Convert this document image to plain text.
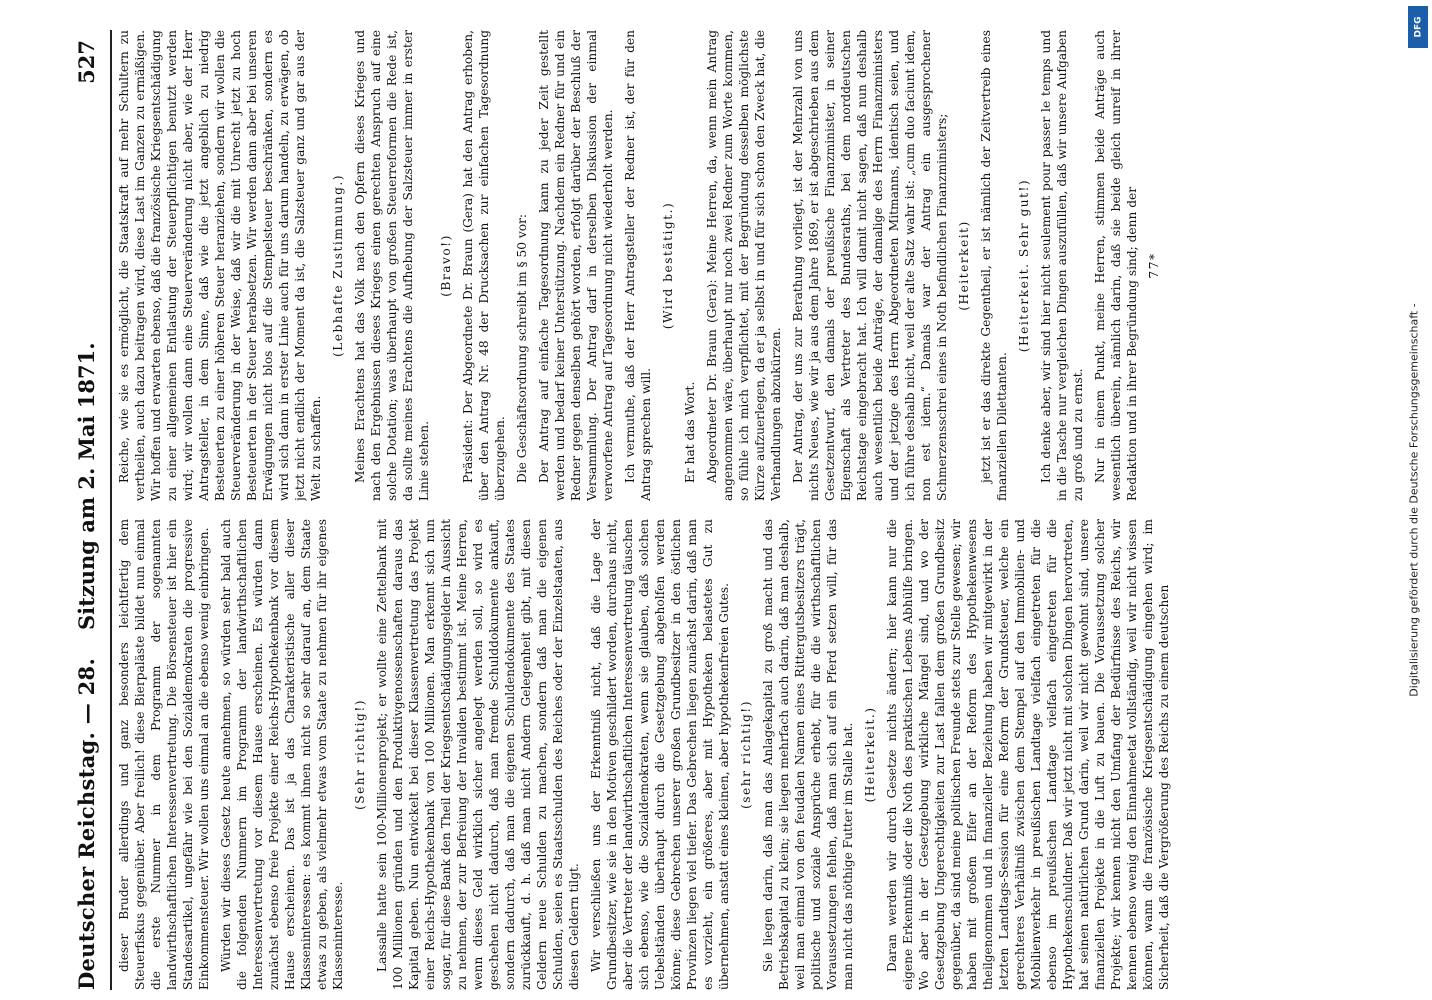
Deutscher Reichstag. — 28.
Sitzung am 2. Mai 1871.
527

dieser Bruder allerdings und ganz besonders leichtfertig dem Steuerfiskus gegenüber. Aber freilich! diese Bierpaläste bildet nun einmal die erste Nummer in dem Programm der sogenannten landwirthschaftlichen Interessenvertretung. Die Börsensteuer ist hier ein Standesartikel, ungefähr wie bei den Sozialdemokraten die progressive Einkommensteuer. Wir wollen uns einmal an die ebenso wenig einbringen. Würden wir dieses Gesetz heute annehmen, so würden sehr bald auch die folgenden Nummern im Programm der landwirthschaftlichen Interessenvertretung vor diesem Hause erscheinen. Es würden dann zunächst ebenso freie Projekte einer Reichs-Hypothekenbank vor diesem Hause erscheinen. Das ist ja das Charakteristische aller dieser Klasseninteressen: es kommt ihnen nicht so sehr darauf an, dem Staate etwas zu geben, als vielmehr etwas vom Staate zu nehmen für ihr eigenes Klasseninteresse.

(Sehr richtig!) Lassalle hatte sein 100-Millionenprojekt; er wollte eine Zettelbank mit 100 Millionen gründen und den Produktivgenossenschaften daraus das Kapital geben. Nun entwickelt bei dieser Klassenvertretung das Projekt einer Reichs-Hypothekenbank von 100 Millionen. Man erkennt sich nun sogar, für diese Bank den Theil der Kriegsentschädigungsgelder in Aussicht zu nehmen, der zur Befreiung der Invaliden bestimmt ist. Meine Herren, wenn dieses Geld wirklich sicher angelegt werden soll, so wird es geschehen nicht dadurch, daß man fremde Schulddokumente ankauft, sondern dadurch, daß man die eigenen Schuldendokumente des Staates zurückkauft, d. h. daß man nicht Andern Gelegenheit gibt, mit diesen Geldern neue Schulden zu machen, sondern daß man die eigenen Schulden, seien es Staatsschulden des Reiches oder der Einzelstaaten, aus diesen Geldern tilgt. Wir verschließen uns der Erkenntniß nicht, daß die Lage der Grundbesitzer, wie sie in den Motiven geschildert worden, durchaus nicht, aber die Vertreter der landwirthschaftlichen Interessenvertretung täuschen sich ebenso, wie die Sozialdemokraten, wenn sie glauben, daß solchen Uebelständen überhaupt durch die Gesetzgebung abgeholfen werden könne; diese Gebrechen unserer großen Grundbesitzer in den östlichen Provinzen liegen viel tiefer. Das Gebrechen liegen zunächst darin, daß man es vorzieht, ein größeres, aber mit Hypotheken belastetes Gut zu übernehmen, anstatt eines kleinen, aber hypothekenfreien Gutes. (sehr richtig!) Sie liegen darin, daß man das Anlagekapital zu groß macht und das Betriebskapital zu klein; sie liegen mehrfach auch darin, daß man deshalb, weil man einmal von den feudalen Namen eines Rittergutsbesitzers trägt, politische und soziale Ansprüche erhebt, für die die wirthschaftlichen Voraussetzungen fehlen, daß man sich auf ein Pferd setzen will, für das man nicht das nöthige Futter im Stalle hat. (Heiterkeit.) Daran werden wir durch Gesetze nichts ändern; hier kann nur die eigene Erkenntniß oder die Noth des praktischen Lebens Abhülfe bringen. Wo aber in der Gesetzgebung wirkliche Mängel sind, und wo der Gesetzgebung Ungerechtigkeiten zur Last fallen dem großen Grundbesitz gegenüber, da sind meine politischen Freunde stets zur Stelle gewesen; wir haben mit großem Eifer an der Reform des Hypothekenwesens theilgenommen und in finanzieller Beziehung haben wir mitgewirkt in der letzten Landtags-Session für eine Reform der Grundsteuer, welche ein gerechteres Verhältniß zwischen dem Stempel auf den Immobilien- und Mobilienverkehr in preußischen Landtage vielfach eingetreten für die ebenso im preußischen Landtage vielfach eingetreten für die Hypothekenschuldner. Daß wir jetzt nicht mit solchen Dingen hervortreten, hat seinen natürlichen Grund darin, weil wir nicht gewohnt sind, unsere finanziellen Projekte in die Luft zu bauen. Die Voraussetzung solcher Projekte; wir kennen nicht den Umfang der Bedürfnisse des Reichs, wir kennen ebenso wenig den Einnahmeetat vollständig, weil wir nicht wissen können, wann die französische Kriegsentschädigung eingehen wird; im Sicherheit, daß die Vergrößerung des Reichs zu einem deutschen

Reiche, wie sie es ermöglicht, die Staatskraft auf mehr Schultern zu vertheilen, auch dazu beitragen wird, diese Last im Ganzen zu ermäßigen. Wir hoffen und erwarten ebenso, daß die französische Kriegsentschädigung zu einer allgemeinen Entlastung der Steuerpflichtigen benutzt werden wird; wir wollen dann eine Steuerveränderung nicht aber, wie der Herr Antragsteller, in dem Sinne, daß wie die jetzt angeblich zu niedrig Besteuerten zu einer höheren Steuer heranziehen, sondern wir wollen die Steuerveränderung in der Weise, daß wir die mit Unrecht jetzt zu hoch Besteuerten in der Steuer herabsetzen. Wir werden dann aber bei unseren Erwägungen nicht blos auf die Stempelsteuer beschränken, sondern es wird sich dann in erster Linie auch für uns darum handeln, zu erwägen, ob jetzt nicht endlich der Moment da ist, die Salzsteuer ganz und gar aus der Welt zu schaffen.

(Lebhafte Zustimmung.) Meines Erachtens hat das Volk nach den Opfern dieses Krieges und nach den Ergebnissen dieses Krieges einen gerechten Anspruch auf eine solche Dotation; was überhaupt von großen Steuerreformen die Rede ist, da sollte meines Erachtens die Aufhebung der Salzsteuer immer in erster Linie stehen.

(Bravo!) Präsident: Der Abgeordnete Dr. Braun (Gera) hat den Antrag erhoben, über den Antrag Nr. 48 der Drucksachen zur einfachen Tagesordnung überzugehen. Die Geschäftsordnung schreibt im § 50 vor: Der Antrag auf einfache Tagesordnung kann zu jeder Zeit gestellt werden und bedarf keiner Unterstützung. Nachdem ein Redner für und ein Redner gegen denselben gehört worden, erfolgt darüber der Beschluß der Versammlung. Der Antrag darf in derselben Diskussion der einmal verworfene Antrag auf Tagesordnung nicht wiederholt werden. Ich vermuthe, daß der Herr Antragsteller der Redner ist, der für den Antrag sprechen will.

(Wird bestätigt.)

Er hat das Wort. Abgeordneter Dr. Braun (Gera): Meine Herren, da, wenn mein Antrag angenommen wäre, überhaupt nur noch zwei Redner zum Worte kommen, so fühle ich mich verpflichtet, mit der Begründung desselben möglichste Kürze aufzuerlegen, da er ja selbst in und für sich schon den Zweck hat, die Verhandlungen abzukürzen. Der Antrag, der uns zur Berathung vorliegt, ist der Mehrzahl von uns nichts Neues, wie wir ja aus dem Jahre 1869, er ist abgeschrieben aus dem Gesetzentwurf, den damals der preußische Finanzminister, in seiner Eigenschaft als Vertreter des Bundesraths, bei dem norddeutschen Reichstage eingebracht hat. Ich will damit nicht sagen, daß nun deshalb auch wesentlich beide Anträge, der damalige des Herrn Finanzministers und der jetzige des Herrn Abgeordneten Mitmanns, identisch seien, und ich führe deshalb nicht, weil der alte Satz wahr ist: „cum duo faciunt idem, non est idem.“ Damals war der Antrag ein ausgesprochener Schmerzensschrei eines in Noth befindlichen Finanzministers; (Heiterkeit) jetzt ist er das direkte Gegentheil, er ist nämlich der Zeitvertreib eines finanziellen Dilettanten.

(Heiterkeit. Sehr gut!) Ich denke aber, wir sind hier nicht seulement pour passer le temps und in die Tasche nur vergleichen Dingen auszufüllen, daß wir unsere Aufgaben zu groß und zu ernst. Nur in einem Punkt, meine Herren, stimmen beide Anträge auch wesentlich überein, nämlich darin, daß sie beide gleich unreif in ihrer Redaktion und in ihrer Begründung sind; denn der 77*

DFG
Digitalisierung gefördert durch die Deutsche Forschungsgemeinschaft -
